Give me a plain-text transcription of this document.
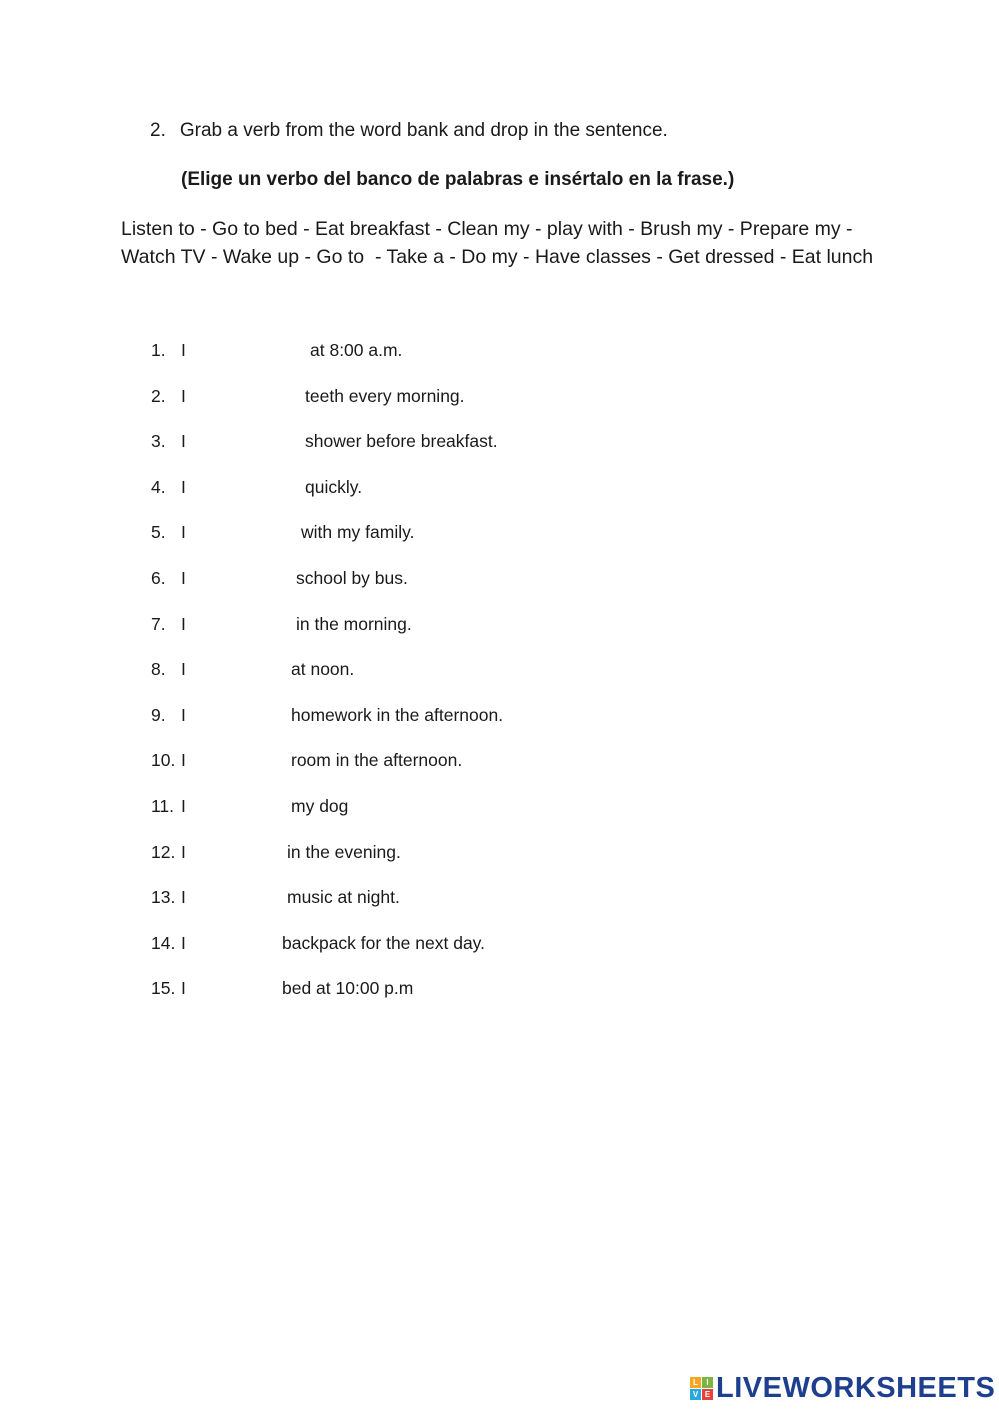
2. Grab a verb from the word bank and drop in the sentence.
(Elige un verbo del banco de palabras e insértalo en la frase.)
Listen to - Go to bed - Eat breakfast - Clean my - play with - Brush my - Prepare my -
Watch TV - Wake up - Go to  - Take a - Do my - Have classes - Get dressed - Eat lunch
1. I	at 8:00 a.m.
2. I	teeth every morning.
3. I	shower before breakfast.
4. I	quickly.
5. I	with my family.
6. I	school by bus.
7. I	in the morning.
8. I	at noon.
9. I	homework in the afternoon.
10. I	room in the afternoon.
11. I	my dog
12. I	in the evening.
13. I	music at night.
14. I	backpack for the next day.
15. I	bed at 10:00 p.m
L	I
V E LIVEWORKSHEETS
